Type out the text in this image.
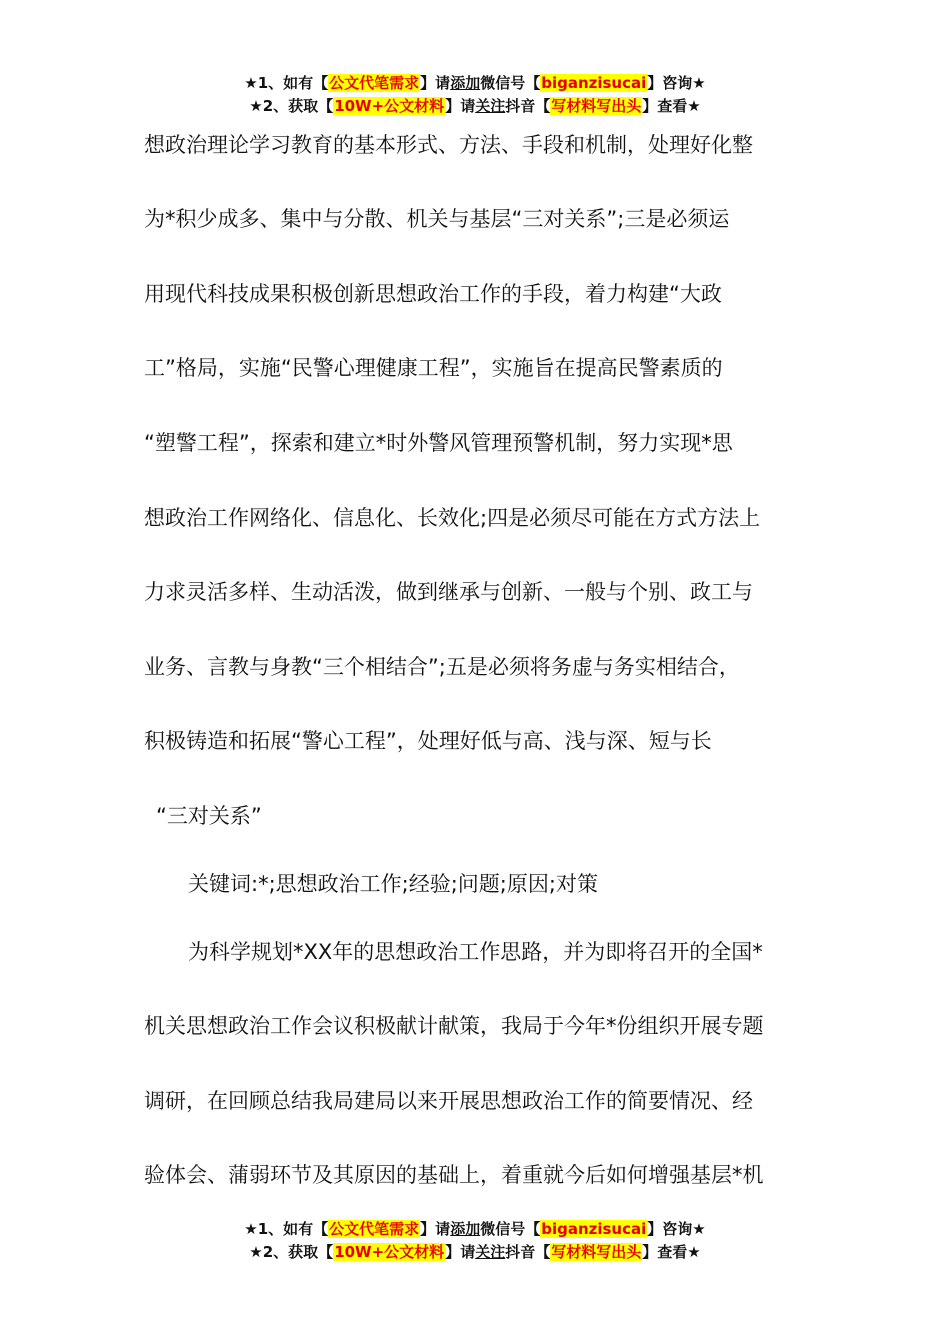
★1、如有【公文代笔需求】请添加微信号【biganzisucai】咨询★
★2、获取【10W+公文材料】请关注抖音【写材料写出头】查看★
想政治理论学习教育的基本形式、方法、手段和机制，处理好化整
为*积少成多、集中与分散、机关与基层“三对关系”;三是必须运
用现代科技成果积极创新思想政治工作的手段，着力构建“大政
工”格局，实施“民警心理健康工程”，实施旨在提高民警素质的
“塑警工程”，探索和建立*时外警风管理预警机制，努力实现*思
想政治工作网络化、信息化、长效化;四是必须尽可能在方式方法上
力求灵活多样、生动活泼，做到继承与创新、一般与个别、政工与
业务、言教与身教“三个相结合”;五是必须将务虚与务实相结合，
积极铸造和拓展“警心工程”，处理好低与高、浅与深、短与长
“三对关系”
关键词:*;思想政治工作;经验;问题;原因;对策
为科学规划*XX年的思想政治工作思路，并为即将召开的全国*
机关思想政治工作会议积极献计献策，我局于今年*份组织开展专题
调研，在回顾总结我局建局以来开展思想政治工作的简要情况、经
验体会、蒲弱环节及其原因的基础上，着重就今后如何增强基层*机
★1、如有【公文代笔需求】请添加微信号【biganzisucai】咨询★
★2、获取【10W+公文材料】请关注抖音【写材料写出头】查看★
